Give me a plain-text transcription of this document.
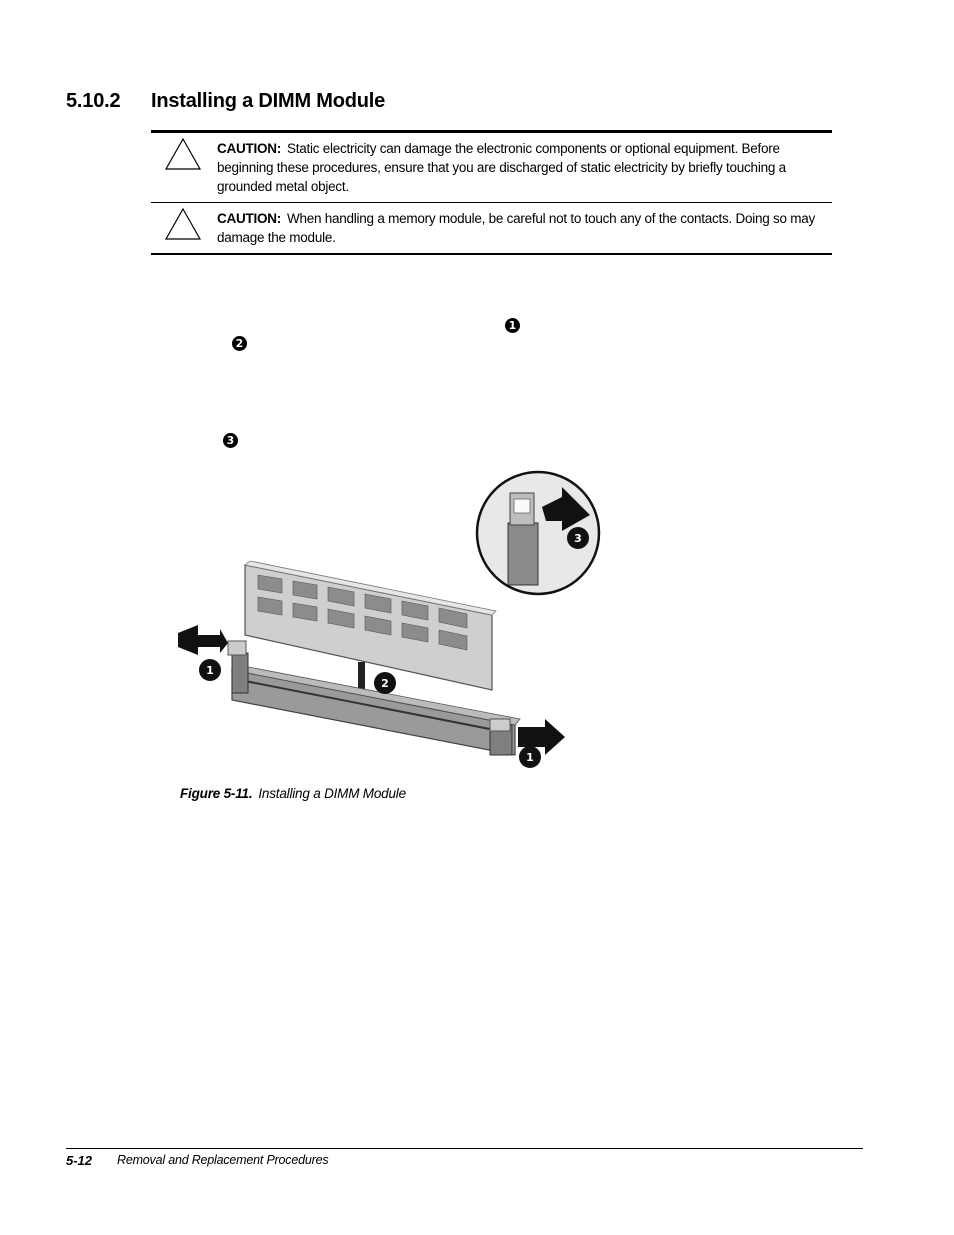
5.10.2 Installing a DIMM Module
CAUTION: Static electricity can damage the electronic components or optional equipment. Before beginning these procedures, ensure that you are discharged of static electricity by briefly touching a grounded metal object.
CAUTION: When handling a memory module, be careful not to touch any of the contacts. Doing so may damage the module.
1
2
3
1
2
1
3
Figure 5-11. Installing a DIMM Module
5-12 Removal and Replacement Procedures
